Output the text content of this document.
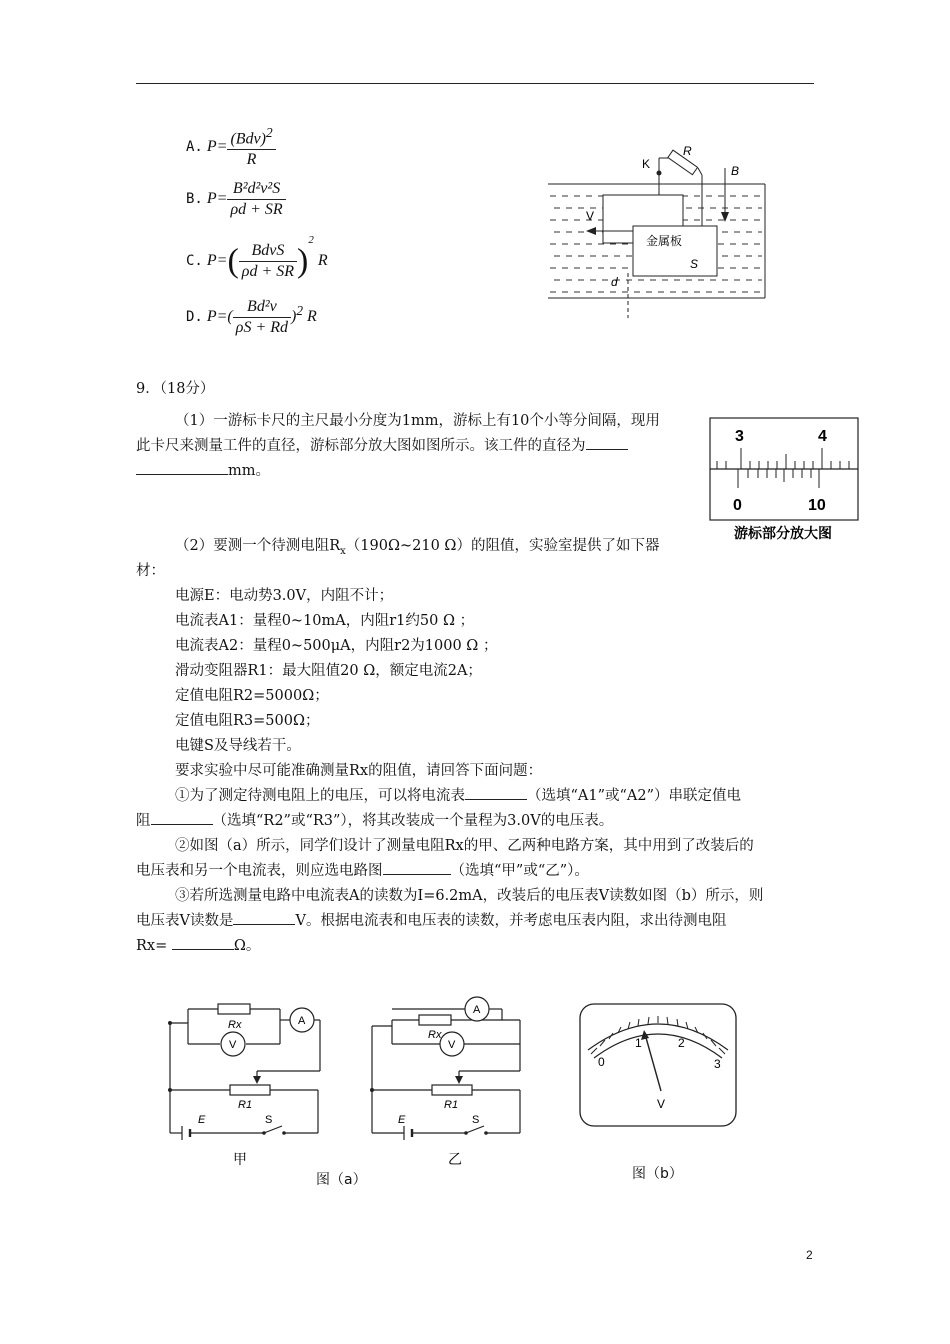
A. $P= \frac{(Bdv)^2}{R}$
B. $P= \frac{\text{B²d²v²S}}{\rho d + SR}$
C. $P=( \frac{\text{BdvS}}{\rho d + SR} )^2$ R
D. $P=( \frac{\text{Bd²v}}{\rho S + Rd} )^2$ R
K
R
B
V
金属板
S
d
9．（18分）
（1）一游标卡尺的主尺最小分度为1mm，游标上有10个小等分间隔，现用
此卡尺来测量工件的直径，游标部分放大图如图所示。该工件的直径为
mm。
3	4
0	10
游标部分放大图
（2）要测一个待测电阻$R_x(190\Omega\sim 210$ Ω）的阻值，实验室提供了如下器
材：
电源E：电动势3.0V，内阻不计；
电流表A1：量程0~10mA，内阻r1约50 Ω ；
电流表A2：量程0~500μA，内阻r2为1000 Ω ；
滑动变阻器R1：最大阻值20 Ω，额定电流2A；
定值电阻R2=5000Ω；
定值电阻R3=500Ω；
电键S及导线若干。
要求实验中尽可能准确测量Rx的阻值，请回答下面问题：
①为了测定待测电阻上的电压，可以将电流表	（选填“A1”或“A2”）串联定值电
阻	（选填“R2”或“R3”），将其改装成一个量程为3.0V的电压表。
②如图（a）所示，同学们设计了测量电阻Rx的甲、乙两种电路方案，其中用到了改装后的
电压表和另一个电流表，则应选电路图	（选填“甲”或“乙”）。
③若所选测量电路中电流表A的读数为I=6.2mA，改装后的电压表V读数如图（b）所示，则
电压表V读数是	V。根据电流表和电压表的读数，并考虑电压表内阻，求出待测电阻
Rx=	Ω。
Rx	A
V
R1
E	S
甲
Rx
A
V
R1
E	S
乙
图（a）
0
1	2
3
V
图（b）
2
